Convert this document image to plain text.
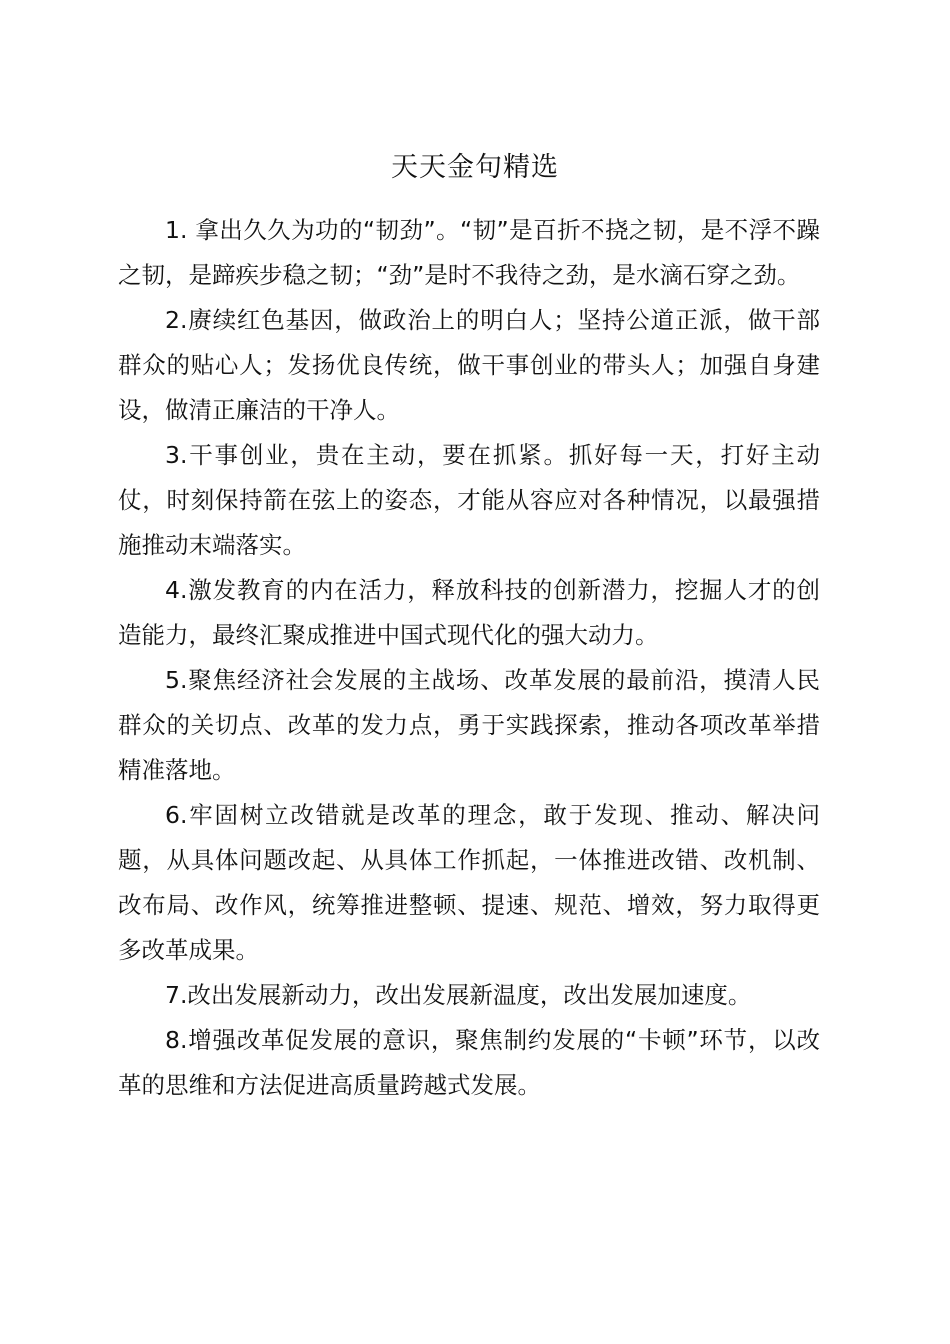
天天金句精选

1. 拿出久久为功的“韧劲”。“韧”是百折不挠之韧，是不浮不躁之韧，是蹄疾步稳之韧；“劲”是时不我待之劲，是水滴石穿之劲。

2.赓续红色基因，做政治上的明白人；坚持公道正派，做干部群众的贴心人；发扬优良传统，做干事创业的带头人；加强自身建设，做清正廉洁的干净人。

3.干事创业，贵在主动，要在抓紧。抓好每一天，打好主动仗，时刻保持箭在弦上的姿态，才能从容应对各种情况，以最强措施推动末端落实。

4.激发教育的内在活力，释放科技的创新潜力，挖掘人才的创造能力，最终汇聚成推进中国式现代化的强大动力。

5.聚焦经济社会发展的主战场、改革发展的最前沿，摸清人民群众的关切点、改革的发力点，勇于实践探索，推动各项改革举措精准落地。

6.牢固树立改错就是改革的理念，敢于发现、推动、解决问题，从具体问题改起、从具体工作抓起，一体推进改错、改机制、改布局、改作风，统筹推进整顿、提速、规范、增效，努力取得更多改革成果。

7.改出发展新动力，改出发展新温度，改出发展加速度。

8.增强改革促发展的意识，聚焦制约发展的“卡顿”环节，以改革的思维和方法促进高质量跨越式发展。
